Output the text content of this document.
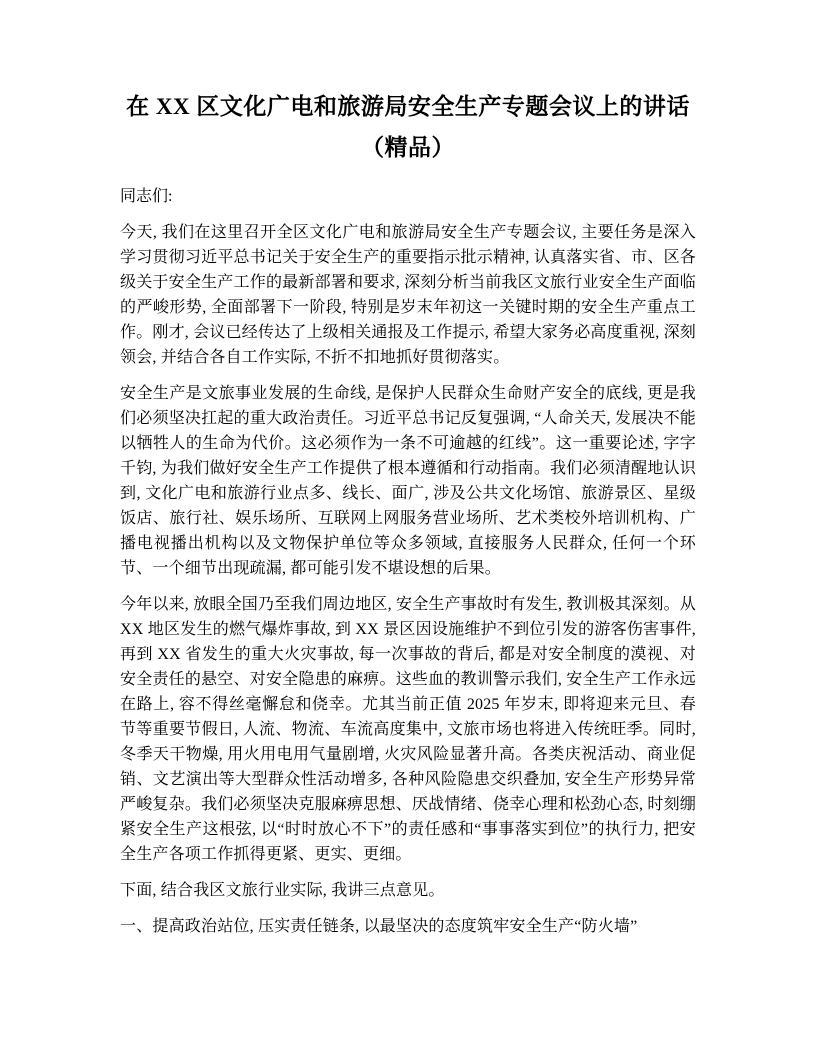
在 XX 区文化广电和旅游局安全生产专题会议上的讲话
（精品）

同志们:

今天, 我们在这里召开全区文化广电和旅游局安全生产专题会议, 主要任务是深入学习贯彻习近平总书记关于安全生产的重要指示批示精神, 认真落实省、市、区各级关于安全生产工作的最新部署和要求, 深刻分析当前我区文旅行业安全生产面临的严峻形势, 全面部署下一阶段, 特别是岁末年初这一关键时期的安全生产重点工作。刚才, 会议已经传达了上级相关通报及工作提示, 希望大家务必高度重视, 深刻领会, 并结合各自工作实际, 不折不扣地抓好贯彻落实。

安全生产是文旅事业发展的生命线, 是保护人民群众生命财产安全的底线, 更是我们必须坚决扛起的重大政治责任。习近平总书记反复强调, “人命关天, 发展决不能以牺牲人的生命为代价。这必须作为一条不可逾越的红线”。这一重要论述, 字字千钧, 为我们做好安全生产工作提供了根本遵循和行动指南。我们必须清醒地认识到, 文化广电和旅游行业点多、线长、面广, 涉及公共文化场馆、旅游景区、星级饭店、旅行社、娱乐场所、互联网上网服务营业场所、艺术类校外培训机构、广播电视播出机构以及文物保护单位等众多领域, 直接服务人民群众, 任何一个环节、一个细节出现疏漏, 都可能引发不堪设想的后果。

今年以来, 放眼全国乃至我们周边地区, 安全生产事故时有发生, 教训极其深刻。从 XX 地区发生的燃气爆炸事故, 到 XX 景区因设施维护不到位引发的游客伤害事件, 再到 XX 省发生的重大火灾事故, 每一次事故的背后, 都是对安全制度的漠视、对安全责任的悬空、对安全隐患的麻痹。这些血的教训警示我们, 安全生产工作永远在路上, 容不得丝毫懈怠和侥幸。尤其当前正值 2025 年岁末, 即将迎来元旦、春节等重要节假日, 人流、物流、车流高度集中, 文旅市场也将进入传统旺季。同时, 冬季天干物燥, 用火用电用气量剧增, 火灾风险显著升高。各类庆祝活动、商业促销、文艺演出等大型群众性活动增多, 各种风险隐患交织叠加, 安全生产形势异常严峻复杂。我们必须坚决克服麻痹思想、厌战情绪、侥幸心理和松劲心态, 时刻绷紧安全生产这根弦, 以“时时放心不下”的责任感和“事事落实到位”的执行力, 把安全生产各项工作抓得更紧、更实、更细。

下面, 结合我区文旅行业实际, 我讲三点意见。

一、提高政治站位, 压实责任链条, 以最坚决的态度筑牢安全生产“防火墙”
